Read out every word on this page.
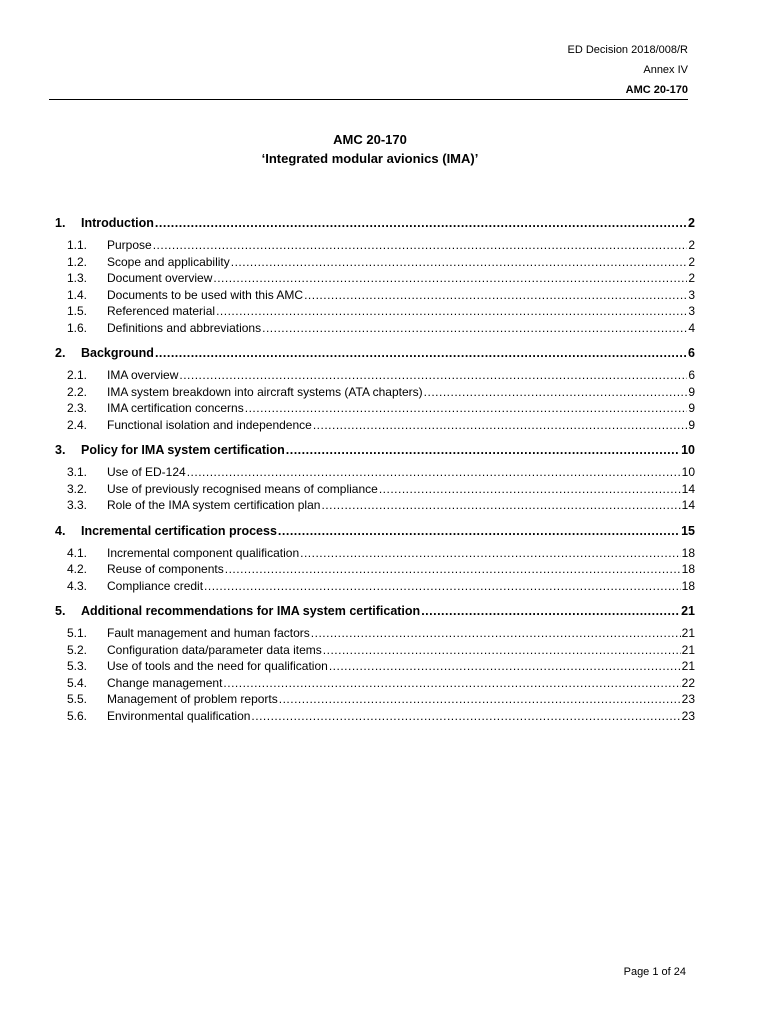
ED Decision 2018/008/R
Annex IV
AMC 20-170
AMC 20-170
‘Integrated modular avionics (IMA)’
1.	Introduction .....	2
1.1.	Purpose .....	2
1.2.	Scope and applicability .....	2
1.3.	Document overview .....	2
1.4.	Documents to be used with this AMC .....	3
1.5.	Referenced material .....	3
1.6.	Definitions and abbreviations .....	4
2.	Background .....	6
2.1.	IMA overview .....	6
2.2.	IMA system breakdown into aircraft systems (ATA chapters) .....	9
2.3.	IMA certification concerns .....	9
2.4.	Functional isolation and independence .....	9
3.	Policy for IMA system certification .....	10
3.1.	Use of ED-124 .....	10
3.2.	Use of previously recognised means of compliance .....	14
3.3.	Role of the IMA system certification plan .....	14
4.	Incremental certification process .....	15
4.1.	Incremental component qualification .....	18
4.2.	Reuse of components .....	18
4.3.	Compliance credit .....	18
5.	Additional recommendations for IMA system certification .....	21
5.1.	Fault management and human factors .....	21
5.2.	Configuration data/parameter data items .....	21
5.3.	Use of tools and the need for qualification .....	21
5.4.	Change management .....	22
5.5.	Management of problem reports .....	23
5.6.	Environmental qualification .....	23
Page 1 of 24
